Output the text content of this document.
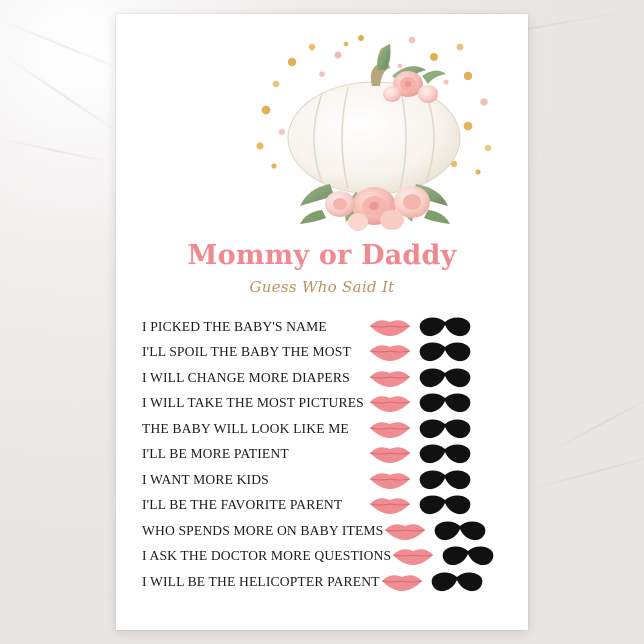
Mommy or Daddy
Guess Who Said It
I PICKED THE BABY'S NAME
I'LL SPOIL THE BABY THE MOST
I WILL CHANGE MORE DIAPERS
I WILL TAKE THE MOST PICTURES
THE BABY WILL LOOK LIKE ME
I'LL BE MORE PATIENT
I WANT MORE KIDS
I'LL BE THE FAVORITE PARENT
WHO SPENDS MORE ON BABY ITEMS
I ASK THE DOCTOR MORE QUESTIONS
I WILL BE THE HELICOPTER PARENT
